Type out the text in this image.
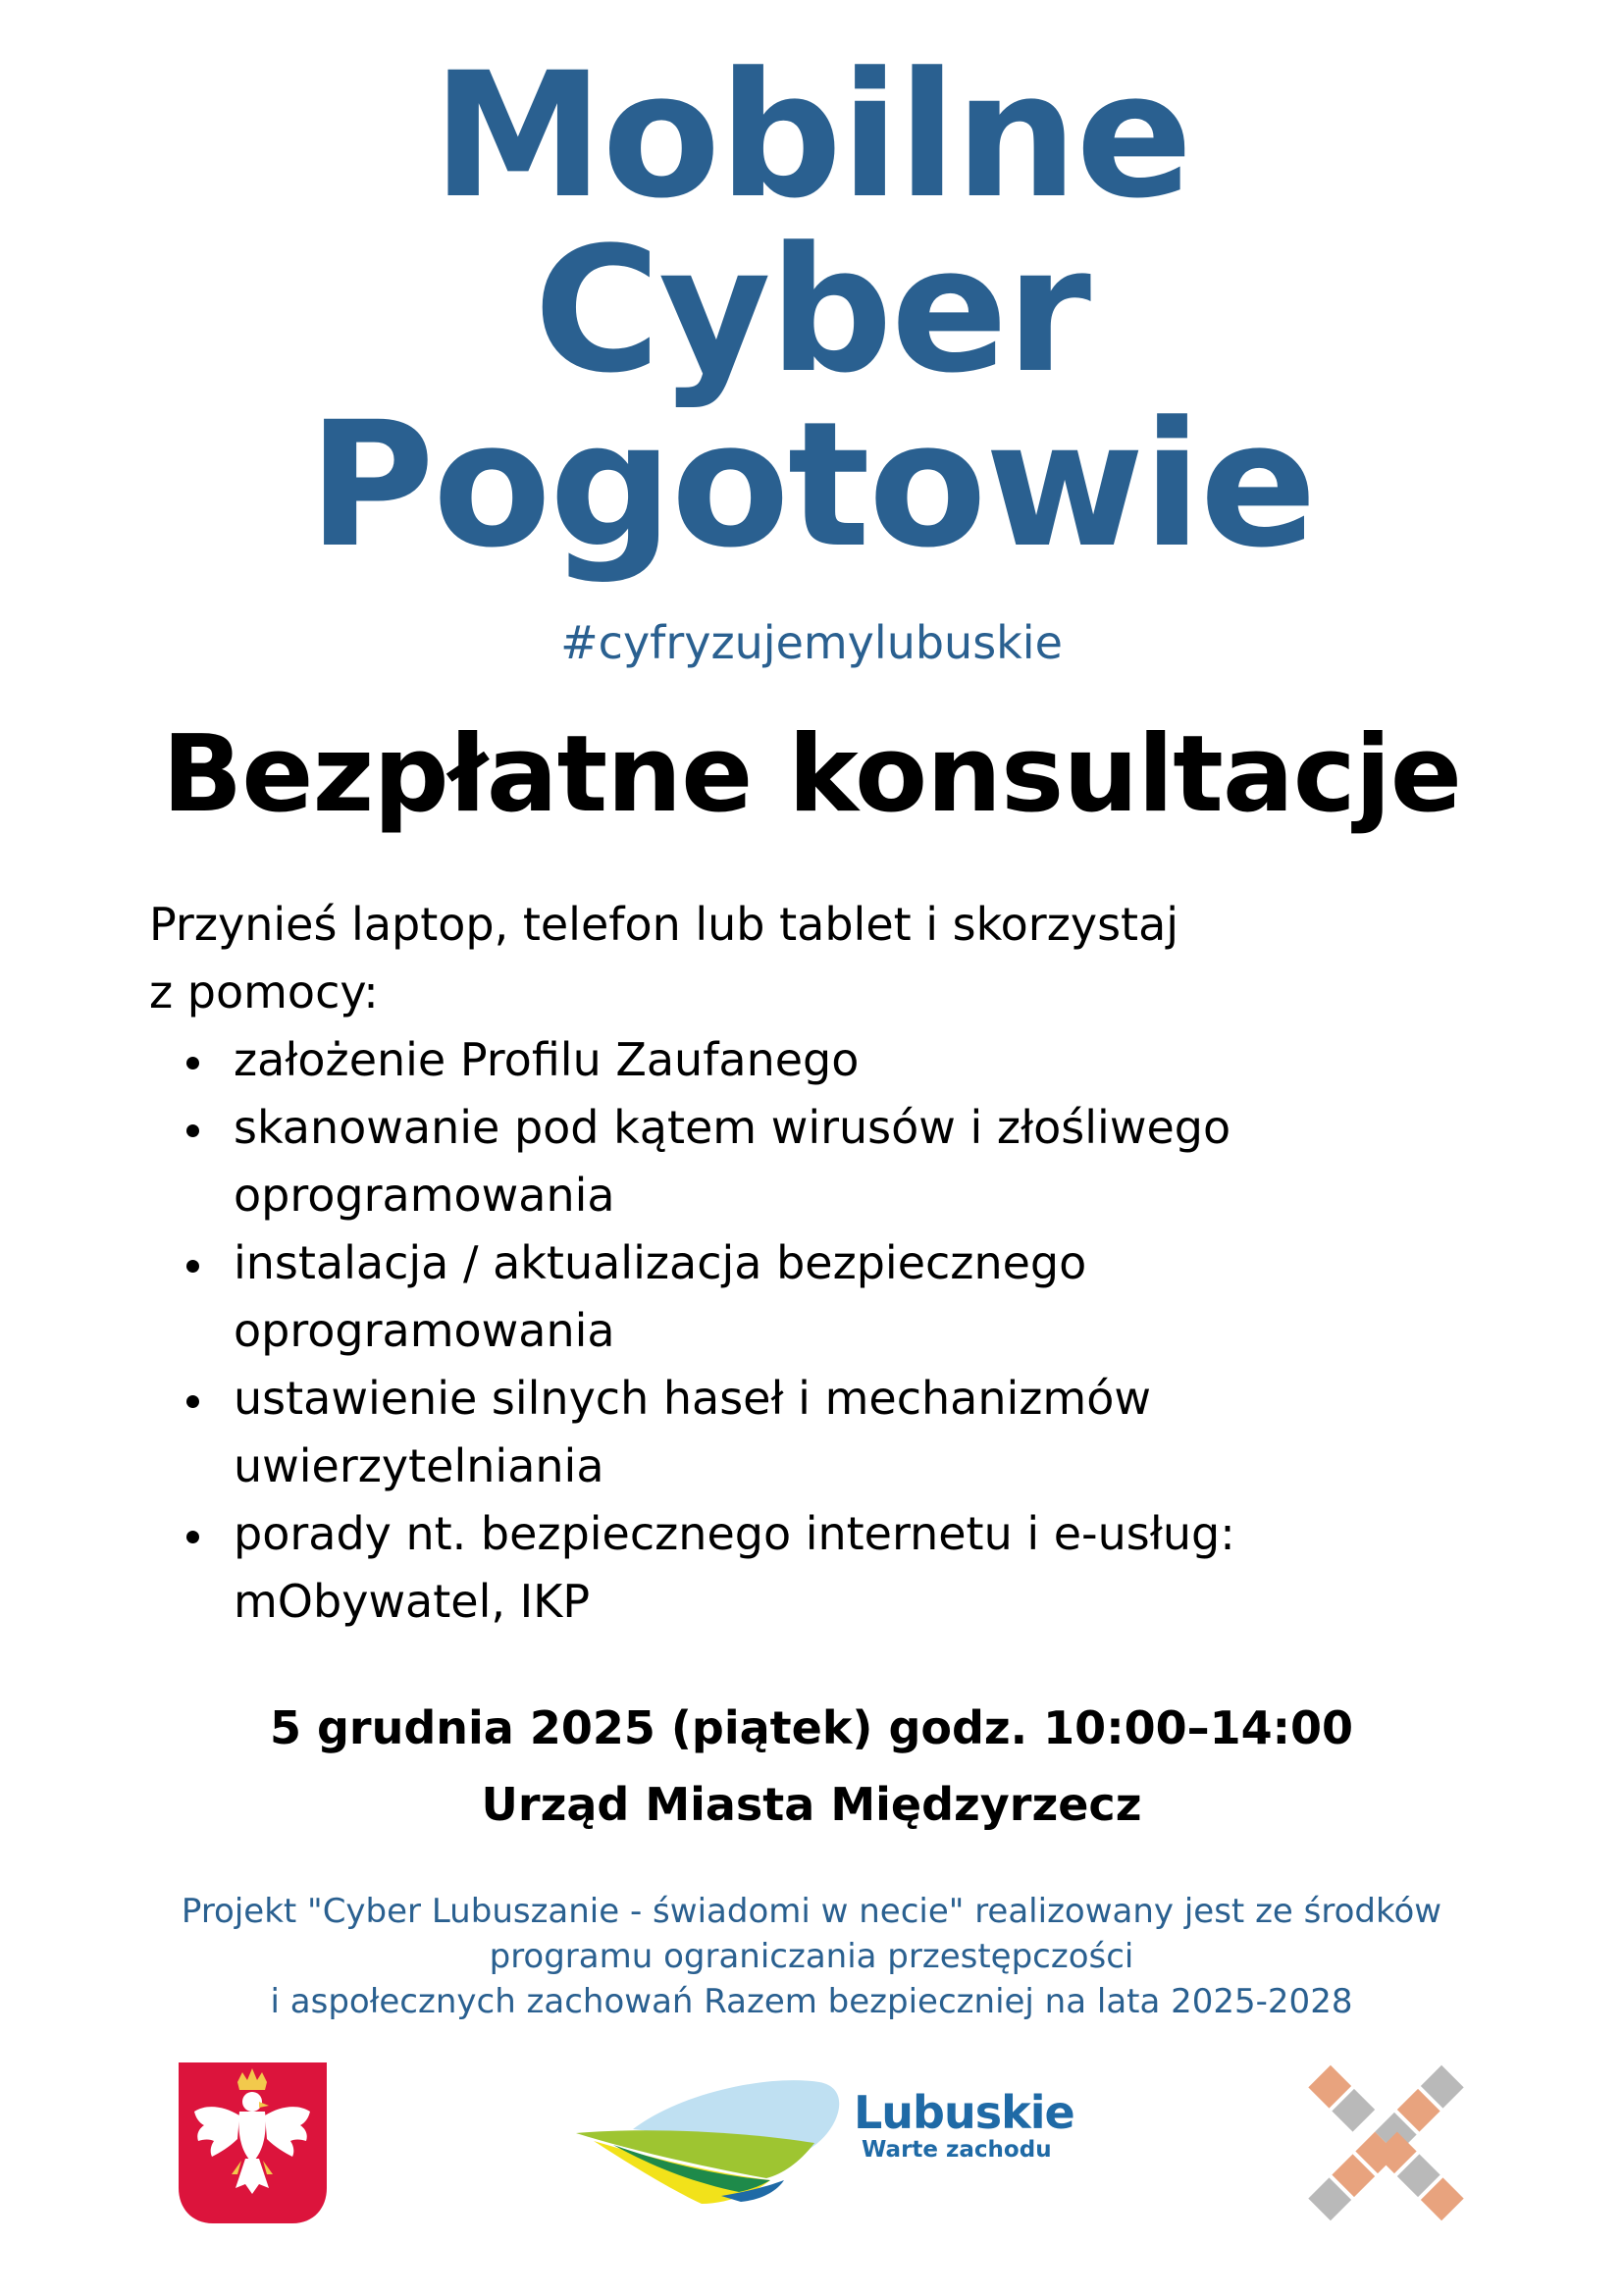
Mobilne
Cyber
Pogotowie
#cyfryzujemylubuskie
Bezpłatne konsultacje
Przynieś laptop, telefon lub tablet i skorzystaj
z pomocy:
założenie Profilu Zaufanego
skanowanie pod kątem wirusów i złośliwego
oprogramowania
instalacja / aktualizacja bezpiecznego
oprogramowania
ustawienie silnych haseł i mechanizmów
uwierzytelniania
porady nt. bezpiecznego internetu i e-usług:
mObywatel, IKP
5 grudnia 2025 (piątek) godz. 10:00–14:00
Urząd Miasta Międzyrzecz
Projekt "Cyber Lubuszanie - świadomi w necie" realizowany jest ze środków
programu ograniczania przestępczości
i aspołecznych zachowań Razem bezpieczniej na lata 2025-2028
Lubuskie
Warte zachodu
